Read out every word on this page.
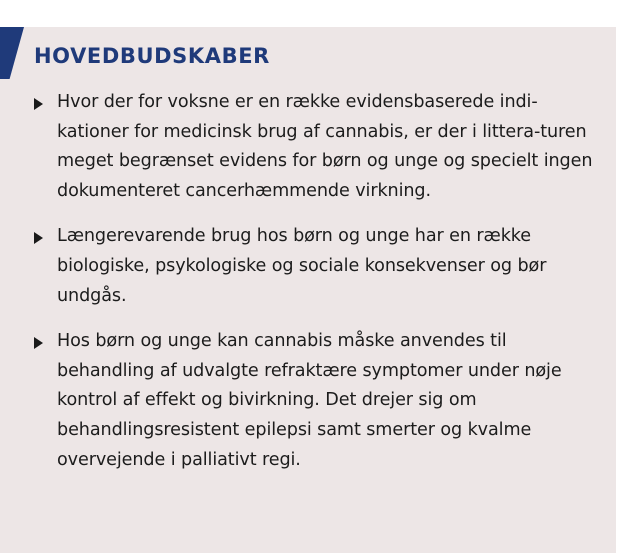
HOVEDBUDSKABER
Hvor der for voksne er en række evidensbaserede indi-kationer for medicinsk brug af cannabis, er der i littera-turen meget begrænset evidens for børn og unge og specielt ingen dokumenteret cancerhæmmende virkning.
Længerevarende brug hos børn og unge har en række biologiske, psykologiske og sociale konsekvenser og bør undgås.
Hos børn og unge kan cannabis måske anvendes til behandling af udvalgte refraktære symptomer under nøje kontrol af effekt og bivirkning. Det drejer sig om behandlingsresistent epilepsi samt smerter og kvalme overvejende i palliativt regi.
